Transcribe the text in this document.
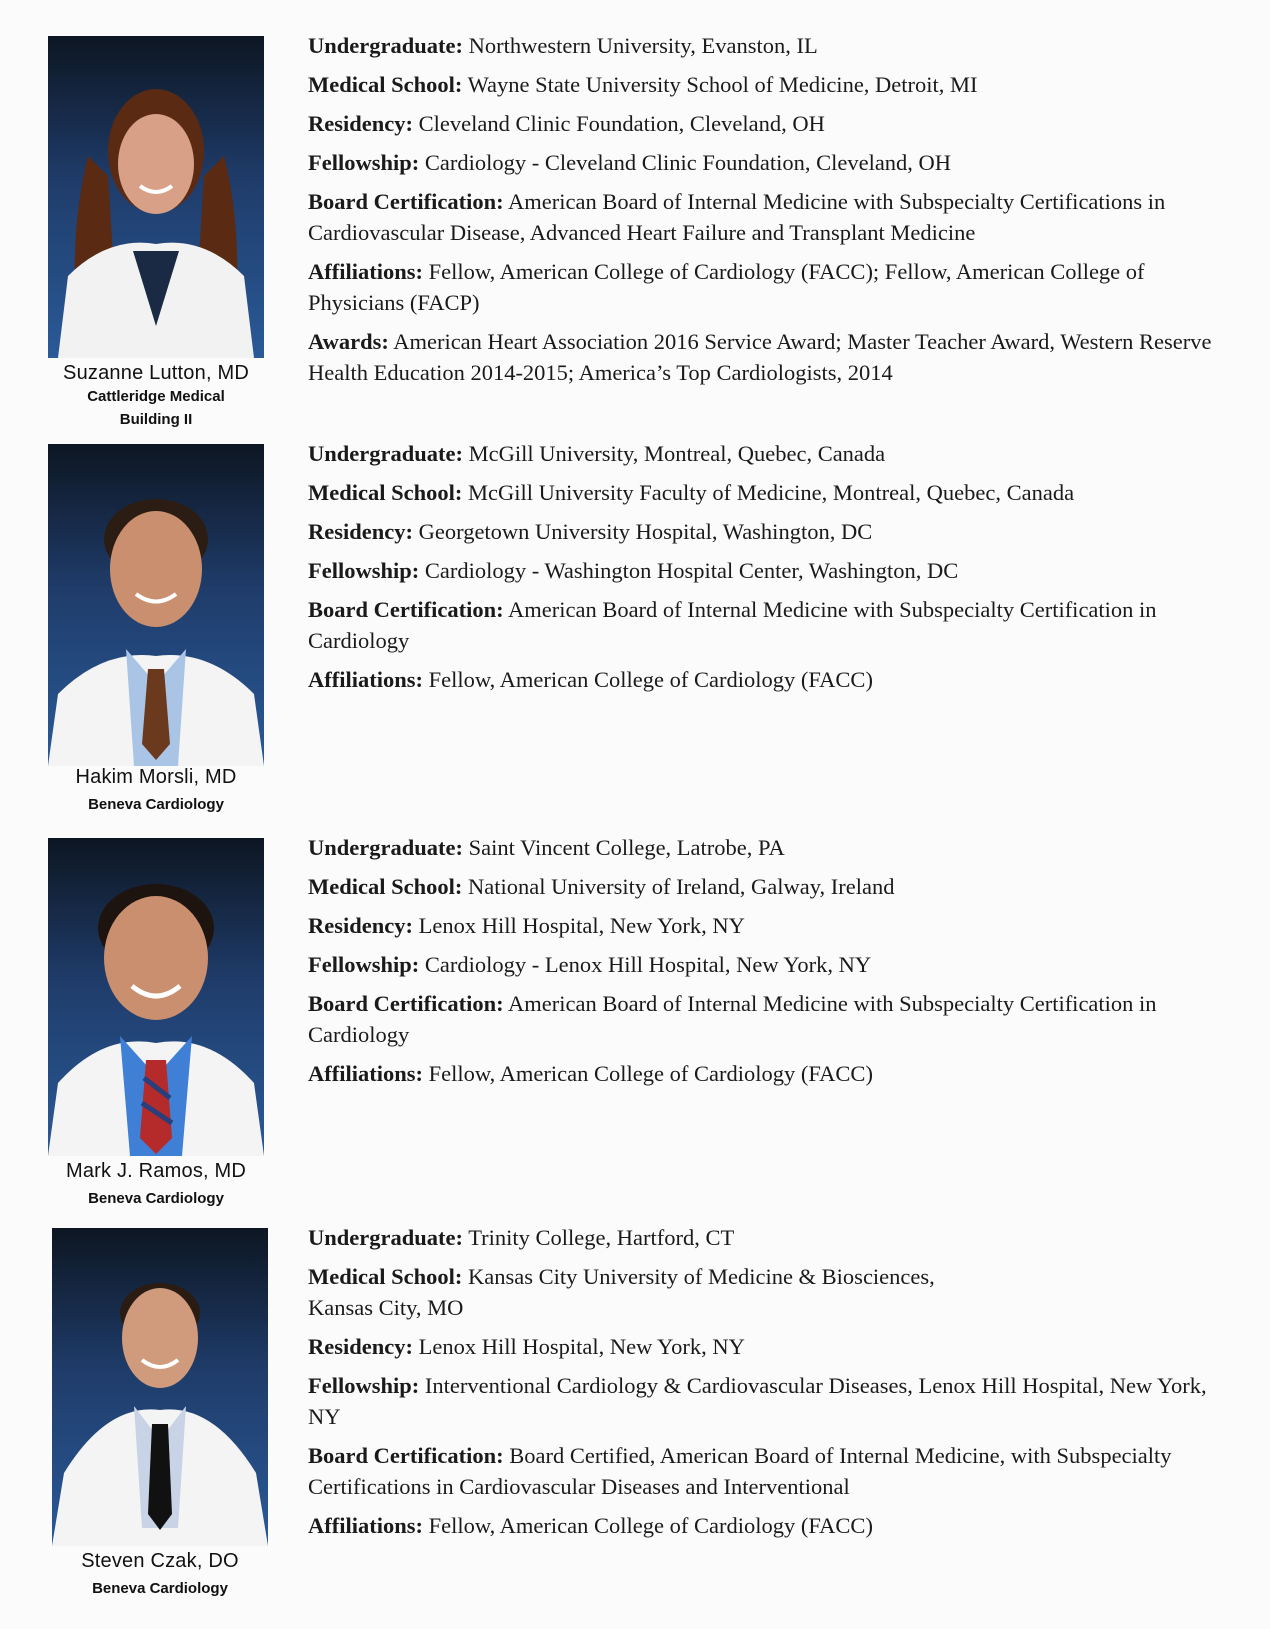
Suzanne Lutton, MD
Cattleridge Medical Building II

Undergraduate: Northwestern University, Evanston, IL

Medical School: Wayne State University School of Medicine, Detroit, MI

Residency: Cleveland Clinic Foundation, Cleveland, OH

Fellowship: Cardiology - Cleveland Clinic Foundation, Cleveland, OH

Board Certification: American Board of Internal Medicine with Subspecialty Certifications in Cardiovascular Disease, Advanced Heart Failure and Transplant Medicine

Affiliations: Fellow, American College of Cardiology (FACC); Fellow, American College of Physicians (FACP)

Awards: American Heart Association 2016 Service Award; Master Teacher Award, Western Reserve Health Education 2014-2015; America’s Top Cardiologists, 2014

Hakim Morsli, MD
Beneva Cardiology

Undergraduate: McGill University, Montreal, Quebec, Canada

Medical School: McGill University Faculty of Medicine, Montreal, Quebec, Canada

Residency: Georgetown University Hospital, Washington, DC

Fellowship: Cardiology - Washington Hospital Center, Washington, DC

Board Certification: American Board of Internal Medicine with Subspecialty Certification in Cardiology

Affiliations: Fellow, American College of Cardiology (FACC)

Mark J. Ramos, MD
Beneva Cardiology

Undergraduate: Saint Vincent College, Latrobe, PA

Medical School: National University of Ireland, Galway, Ireland

Residency: Lenox Hill Hospital, New York, NY

Fellowship: Cardiology - Lenox Hill Hospital, New York, NY

Board Certification: American Board of Internal Medicine with Subspecialty Certification in Cardiology

Affiliations: Fellow, American College of Cardiology (FACC)

Steven Czak, DO
Beneva Cardiology

Undergraduate: Trinity College, Hartford, CT

Medical School: Kansas City University of Medicine & Biosciences, Kansas City, MO

Residency: Lenox Hill Hospital, New York, NY

Fellowship: Interventional Cardiology & Cardiovascular Diseases, Lenox Hill Hospital, New York, NY

Board Certification: Board Certified, American Board of Internal Medicine, with Subspecialty Certifications in Cardiovascular Diseases and Interventional

Affiliations: Fellow, American College of Cardiology (FACC)
